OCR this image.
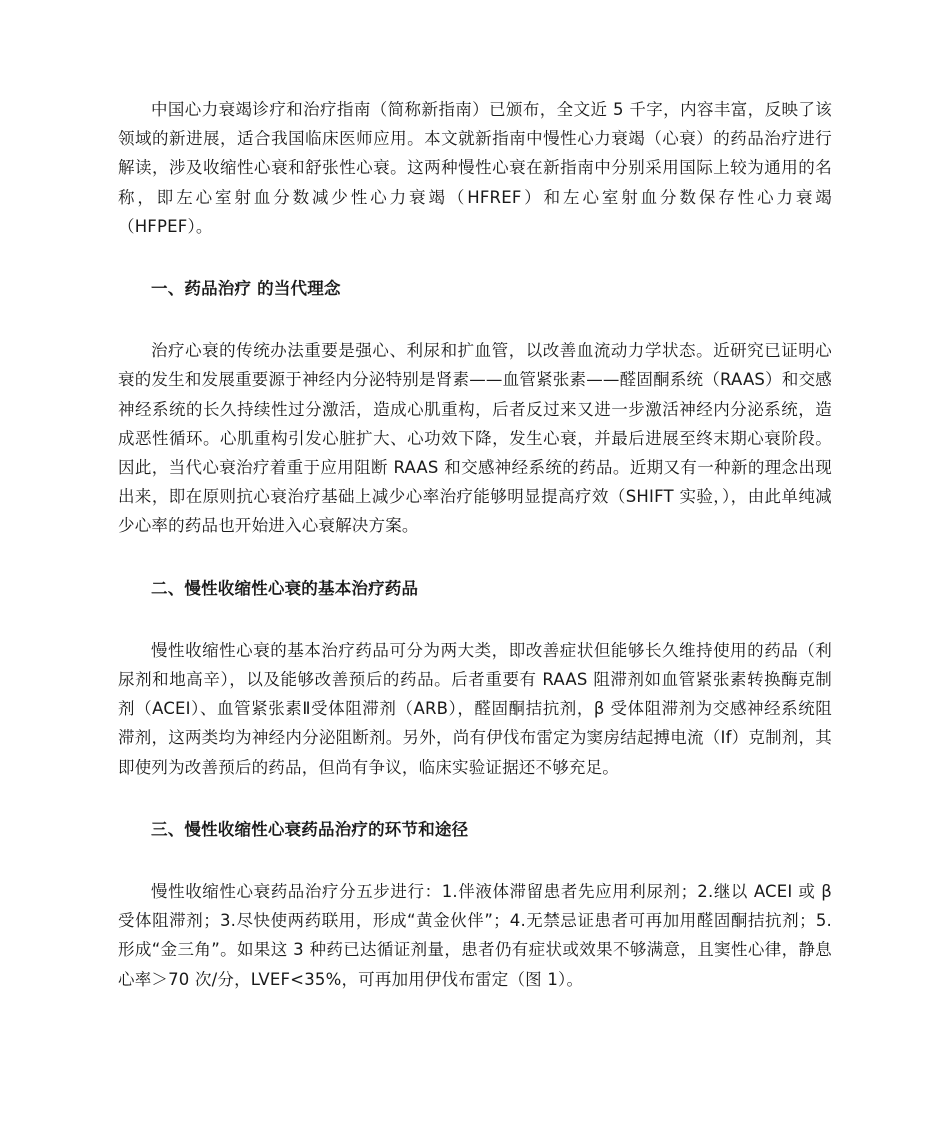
中国心力衰竭诊疗和治疗指南（简称新指南）已颁布，全文近 5 千字，内容丰富，反映了该领域的新进展，适合我国临床医师应用。本文就新指南中慢性心力衰竭（心衰）的药品治疗进行解读，涉及收缩性心衰和舒张性心衰。这两种慢性心衰在新指南中分别采用国际上较为通用的名称，即左心室射血分数减少性心力衰竭（HFREF）和左心室射血分数保存性心力衰竭（HFPEF）。

一、药品治疗 的当代理念

治疗心衰的传统办法重要是强心、利尿和扩血管，以改善血流动力学状态。近研究已证明心衰的发生和发展重要源于神经内分泌特别是肾素——血管紧张素——醛固酮系统（RAAS）和交感神经系统的长久持续性过分激活，造成心肌重构，后者反过来又进一步激活神经内分泌系统，造成恶性循环。心肌重构引发心脏扩大、心功效下降，发生心衰，并最后进展至终末期心衰阶段。因此，当代心衰治疗着重于应用阻断 RAAS 和交感神经系统的药品。近期又有一种新的理念出现出来，即在原则抗心衰治疗基础上减少心率治疗能够明显提高疗效（SHIFT 实验，），由此单纯减少心率的药品也开始进入心衰解决方案。

二、慢性收缩性心衰的基本治疗药品

慢性收缩性心衰的基本治疗药品可分为两大类，即改善症状但能够长久维持使用的药品（利尿剂和地高辛），以及能够改善预后的药品。后者重要有 RAAS 阻滞剂如血管紧张素转换酶克制剂（ACEI）、血管紧张素Ⅱ受体阻滞剂（ARB），醛固酮拮抗剂，β 受体阻滞剂为交感神经系统阻滞剂，这两类均为神经内分泌阻断剂。另外，尚有伊伐布雷定为窦房结起搏电流（If）克制剂，其即使列为改善预后的药品，但尚有争议，临床实验证据还不够充足。

三、慢性收缩性心衰药品治疗的环节和途径

慢性收缩性心衰药品治疗分五步进行：1.伴液体滞留患者先应用利尿剂；2.继以 ACEI 或 β 受体阻滞剂；3.尽快使两药联用，形成“黄金伙伴”；4.无禁忌证患者可再加用醛固酮拮抗剂；5.形成“金三角”。如果这 3 种药已达循证剂量，患者仍有症状或效果不够满意，且窦性心律，静息心率＞70 次/分，LVEF<35%，可再加用伊伐布雷定（图 1）。
